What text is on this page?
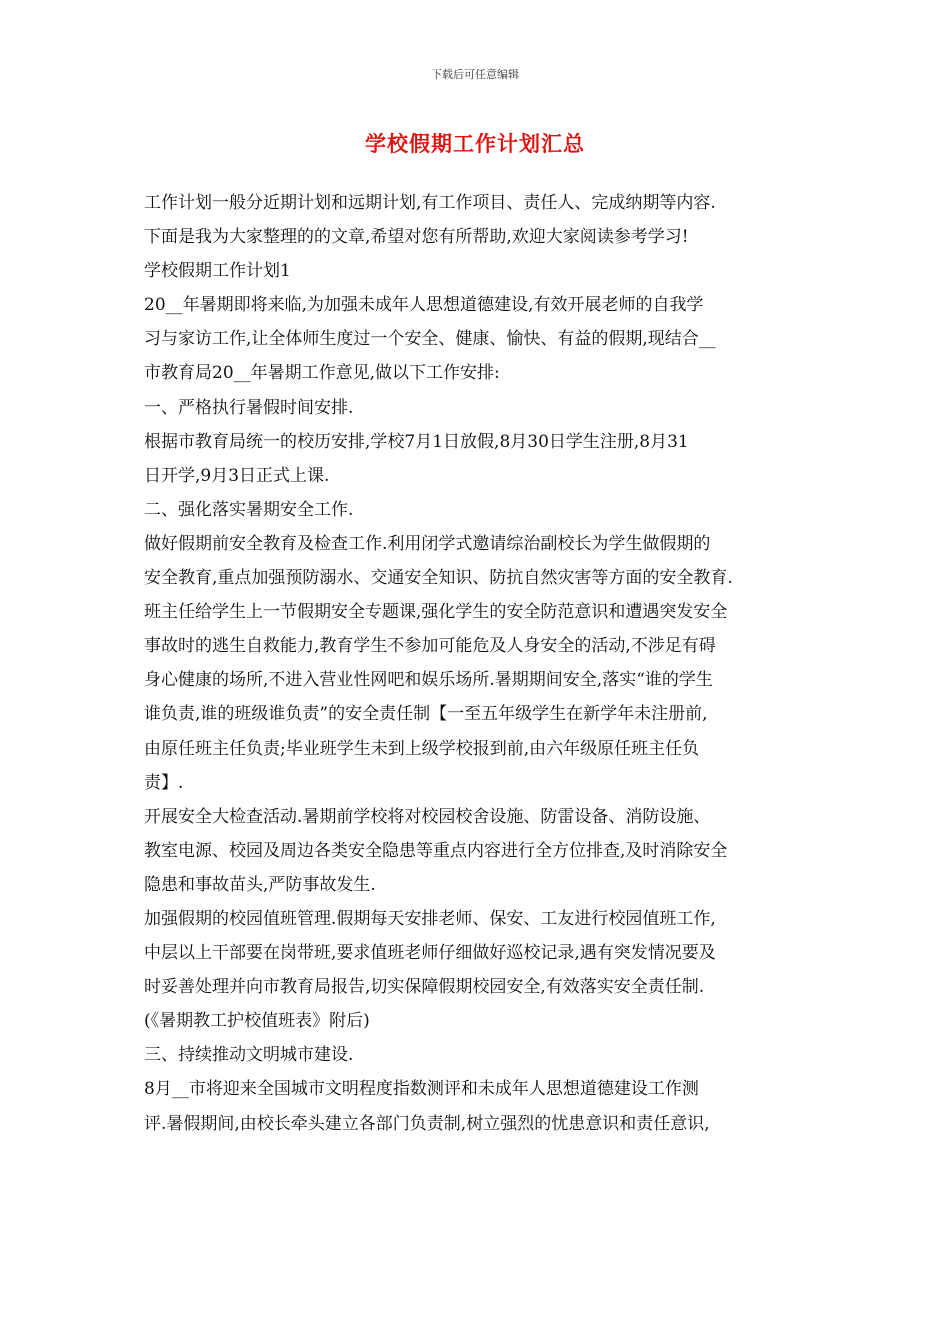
下载后可任意编辑
学校假期工作计划汇总
工作计划一般分近期计划和远期计划,有工作项目、责任人、完成纳期等内容.
下面是我为大家整理的的文章,希望对您有所帮助,欢迎大家阅读参考学习!
学校假期工作计划1
20__年暑期即将来临,为加强未成年人思想道德建设,有效开展老师的自我学
习与家访工作,让全体师生度过一个安全、健康、愉快、有益的假期,现结合__
市教育局20__年暑期工作意见,做以下工作安排:
一、严格执行暑假时间安排.
根据市教育局统一的校历安排,学校7月1日放假,8月30日学生注册,8月31
日开学,9月3日正式上课.
二、强化落实暑期安全工作.
做好假期前安全教育及检查工作.利用闭学式邀请综治副校长为学生做假期的
安全教育,重点加强预防溺水、交通安全知识、防抗自然灾害等方面的安全教育.
班主任给学生上一节假期安全专题课,强化学生的安全防范意识和遭遇突发安全
事故时的逃生自救能力,教育学生不参加可能危及人身安全的活动,不涉足有碍
身心健康的场所,不进入营业性网吧和娱乐场所.暑期期间安全,落实“谁的学生
谁负责,谁的班级谁负责”的安全责任制【一至五年级学生在新学年未注册前,
由原任班主任负责;毕业班学生未到上级学校报到前,由六年级原任班主任负
责】.
开展安全大检查活动.暑期前学校将对校园校舍设施、防雷设备、消防设施、
教室电源、校园及周边各类安全隐患等重点内容进行全方位排查,及时消除安全
隐患和事故苗头,严防事故发生.
加强假期的校园值班管理.假期每天安排老师、保安、工友进行校园值班工作,
中层以上干部要在岗带班,要求值班老师仔细做好巡校记录,遇有突发情况要及
时妥善处理并向市教育局报告,切实保障假期校园安全,有效落实安全责任制.
(《暑期教工护校值班表》附后)
三、持续推动文明城市建设.
8月__市将迎来全国城市文明程度指数测评和未成年人思想道德建设工作测
评.暑假期间,由校长牵头建立各部门负责制,树立强烈的忧患意识和责任意识,
